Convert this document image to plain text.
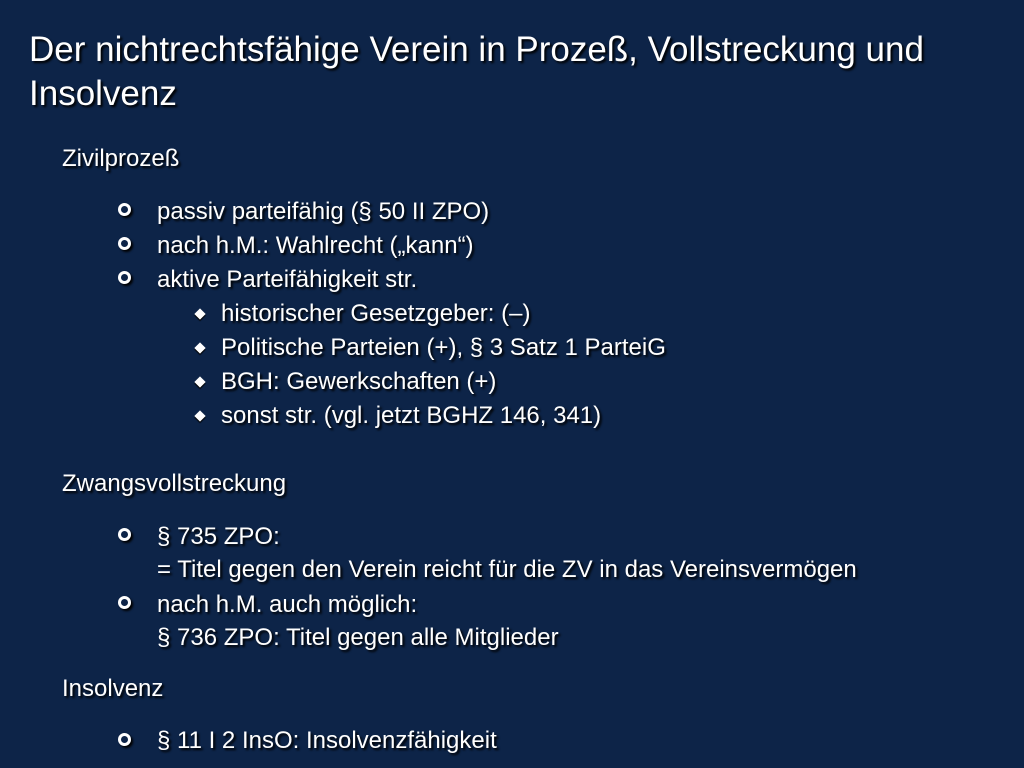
Der nichtrechtsfähige Verein in Prozeß, Vollstreckung und Insolvenz
Zivilprozeß
passiv parteifähig (§ 50 II ZPO)
nach h.M.: Wahlrecht („kann“)
aktive Parteifähigkeit str.
historischer Gesetzgeber: (–)
Politische Parteien (+), § 3 Satz 1 ParteiG
BGH: Gewerkschaften (+)
sonst str. (vgl. jetzt BGHZ 146, 341)
Zwangsvollstreckung
§ 735 ZPO:
= Titel gegen den Verein reicht für die ZV in das Vereinsvermögen
nach h.M. auch möglich:
§ 736 ZPO: Titel gegen alle Mitglieder
Insolvenz
§ 11 I 2 InsO: Insolvenzfähigkeit
